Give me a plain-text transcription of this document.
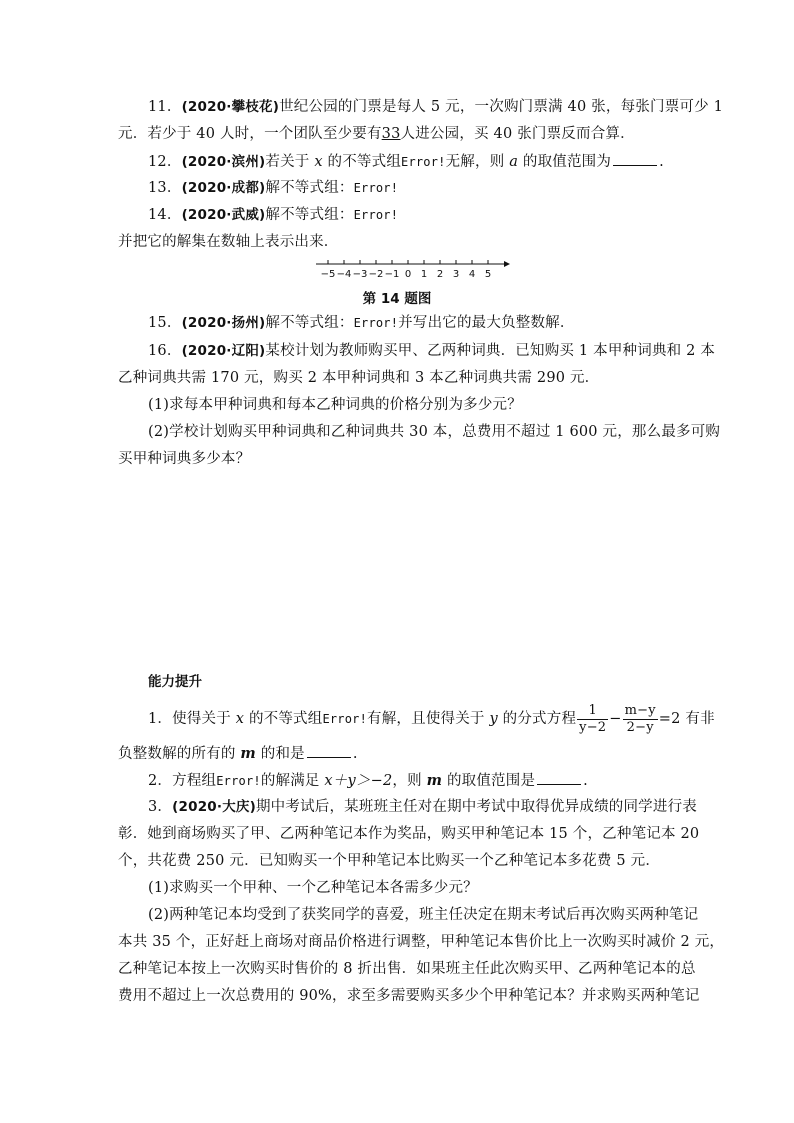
11．(2020·攀枝花)世纪公园的门票是每人 5 元，一次购门票满 40 张，每张门票可少 1
元．若少于 40 人时，一个团队至少要有33人进公园，买 40 张门票反而合算．
12．(2020·滨州)若关于 x 的不等式组Error!无解，则 a 的取值范围为	.
13．(2020·成都)解不等式组：Error!
14．(2020·武威)解不等式组：Error!
并把它的解集在数轴上表示出来．
−5 −4 −3 −2 −1 0 1 2 3 4 5
第 14 题图
15．(2020·扬州)解不等式组：Error!并写出它的最大负整数解．
16．(2020·辽阳)某校计划为教师购买甲、乙两种词典．已知购买 1 本甲种词典和 2 本
乙种词典共需 170 元，购买 2 本甲种词典和 3 本乙种词典共需 290 元．
(1)求每本甲种词典和每本乙种词典的价格分别为多少元？
(2)学校计划购买甲种词典和乙种词典共 30 本，总费用不超过 1 600 元，那么最多可购
买甲种词典多少本？
能力提升
1．使得关于 x 的不等式组Error!有解，且使得关于 y 的分式方程 $\frac{1}{y-2} - \frac{m-y}{2-y} =2$ 有非
负整数解的所有的 m 的和是	.
2．方程组Error!的解满足 x＋y＞−2，则 m 的取值范围是	.
3．(2020·大庆)期中考试后，某班班主任对在期中考试中取得优异成绩的同学进行表
彰．她到商场购买了甲、乙两种笔记本作为奖品，购买甲种笔记本 15 个，乙种笔记本 20
个，共花费 250 元．已知购买一个甲种笔记本比购买一个乙种笔记本多花费 5 元．
(1)求购买一个甲种、一个乙种笔记本各需多少元？
(2)两种笔记本均受到了获奖同学的喜爱，班主任决定在期末考试后再次购买两种笔记
本共 35 个，正好赶上商场对商品价格进行调整，甲种笔记本售价比上一次购买时减价 2 元，
乙种笔记本按上一次购买时售价的 8 折出售．如果班主任此次购买甲、乙两种笔记本的总
费用不超过上一次总费用的 90%，求至多需要购买多少个甲种笔记本？并求购买两种笔记
